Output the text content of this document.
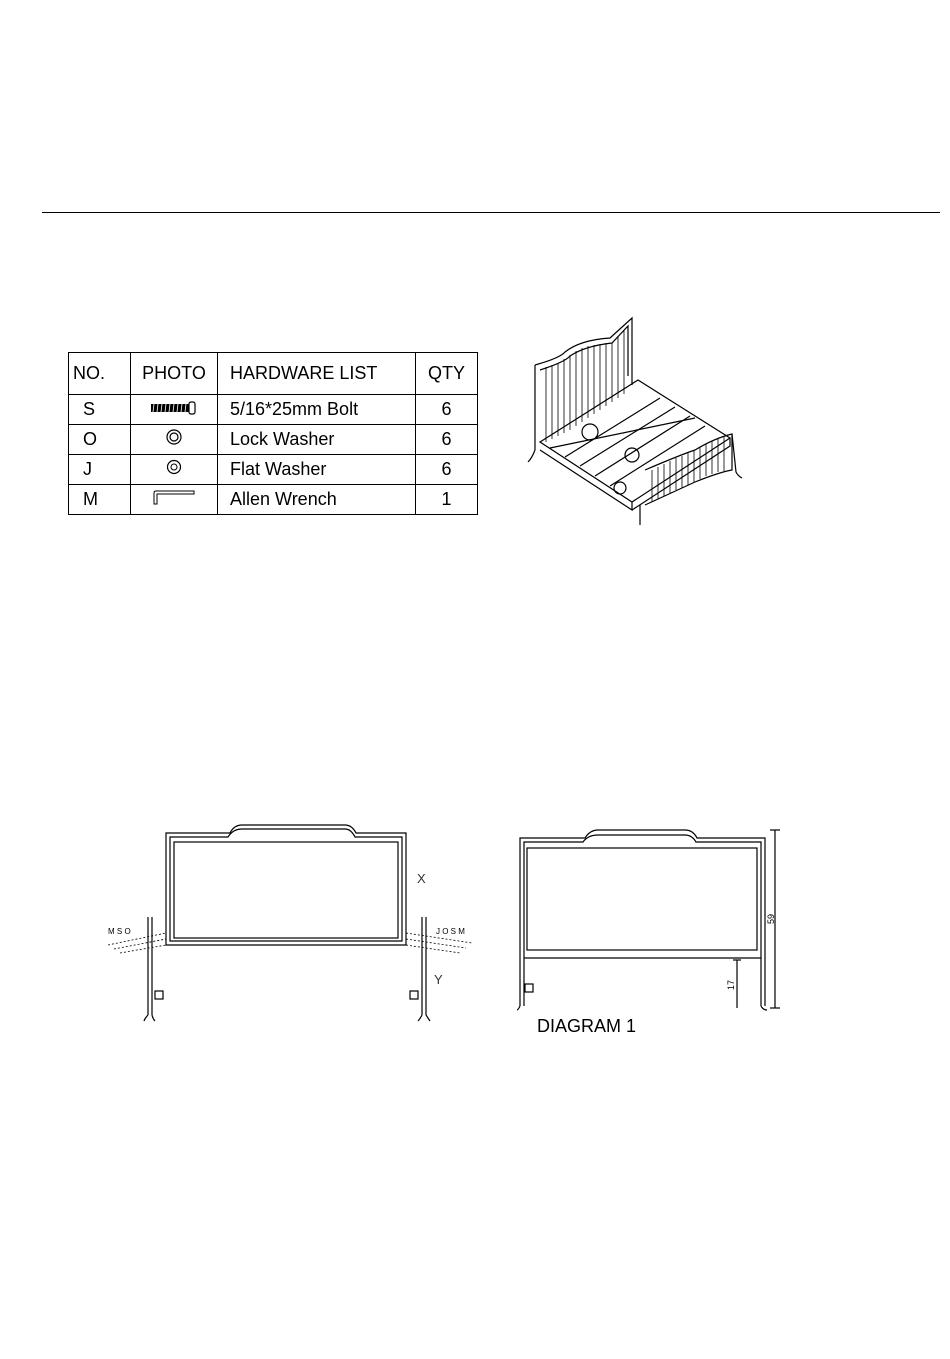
NO.	PHOTO	HARDWARE LIST	QTY
S		5/16*25mm Bolt	6
O		Lock Washer	6
J		Flat Washer	6
M		Allen Wrench	1
X
Y
M S O	J O S M
59
17
DIAGRAM 1
